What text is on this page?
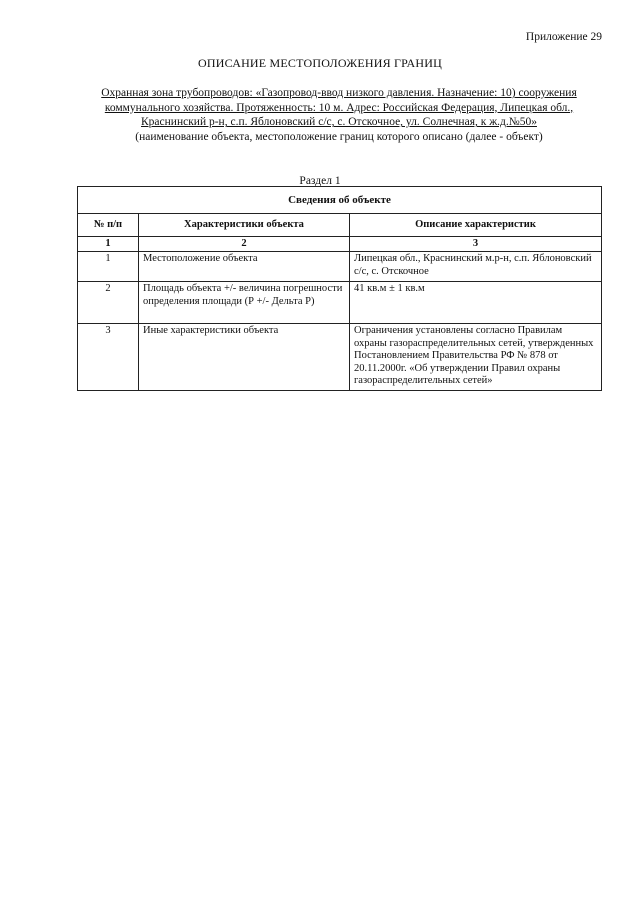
Приложение 29
ОПИСАНИЕ МЕСТОПОЛОЖЕНИЯ ГРАНИЦ
Охранная зона трубопроводов: «Газопровод-ввод низкого давления. Назначение: 10) сооружения коммунального хозяйства. Протяженность: 10 м. Адрес: Российская Федерация, Липецкая обл., Краснинский р-н, с.п. Яблоновский с/с, с. Отскочное, ул. Солнечная, к ж.д.№50»
(наименование объекта, местоположение границ которого описано (далее - объект)
Раздел 1
Сведения об объекте		
№ п/п	Характеристики объекта	Описание характеристик
1	2	3
1	Местоположение объекта	Липецкая обл., Краснинский м.р-н, с.п. Яблоновский с/с, с. Отскочное
2	Площадь объекта +/- величина погрешности определения площади (Р +/- Дельта Р)	41 кв.м ± 1 кв.м
3	Иные характеристики объекта	Ограничения установлены согласно Правилам охраны газораспределительных сетей, утвержденных Постановлением Правительства РФ № 878 от 20.11.2000г. «Об утверждении Правил охраны газораспределительных сетей»
